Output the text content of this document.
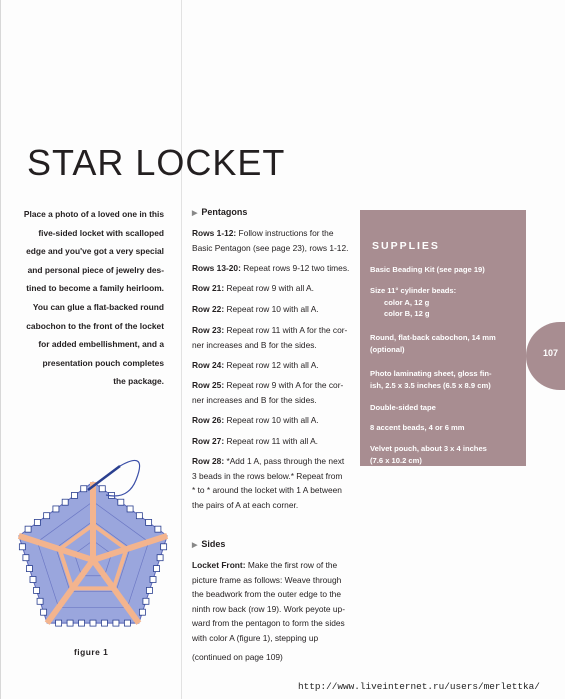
STAR LOCKET
Place a photo of a loved one in this
five-sided locket with scalloped
edge and you've got a very special
and personal piece of jewelry des-
tined to become a family heirloom.
You can glue a flat-backed round
cabochon to the front of the locket
for added embellishment, and a
presentation pouch completes
the package.
▶ Pentagons
Rows 1-12: Follow instructions for the
Basic Pentagon (see page 23), rows 1-12.
Rows 13-20: Repeat rows 9-12 two times.
Row 21: Repeat row 9 with all A.
Row 22: Repeat row 10 with all A.
Row 23: Repeat row 11 with A for the cor-
ner increases and B for the sides.
Row 24: Repeat row 12 with all A.
Row 25: Repeat row 9 with A for the cor-
ner increases and B for the sides.
Row 26: Repeat row 10 with all A.
Row 27: Repeat row 11 with all A.
Row 28: *Add 1 A, pass through the next
3 beads in the rows below.* Repeat from
* to * around the locket with 1 A between
the pairs of A at each corner.
▶ Sides
Locket Front: Make the first row of the
picture frame as follows: Weave through
the beadwork from the outer edge to the
ninth row back (row 19). Work peyote up-
ward from the pentagon to form the sides
with color A (figure 1), stepping up
(continued on page 109)
SUPPLIES
Basic Beading Kit (see page 19)
Size 11° cylinder beads:
color A, 12 g
color B, 12 g
Round, flat-back cabochon, 14 mm
(optional)
Photo laminating sheet, gloss fin-
ish, 2.5 x 3.5 inches (6.5 x 8.9 cm)
Double-sided tape
8 accent beads, 4 or 6 mm
Velvet pouch, about 3 x 4 inches
(7.6 x 10.2 cm)
107
figure 1
http://www.liveinternet.ru/users/merlettka/
